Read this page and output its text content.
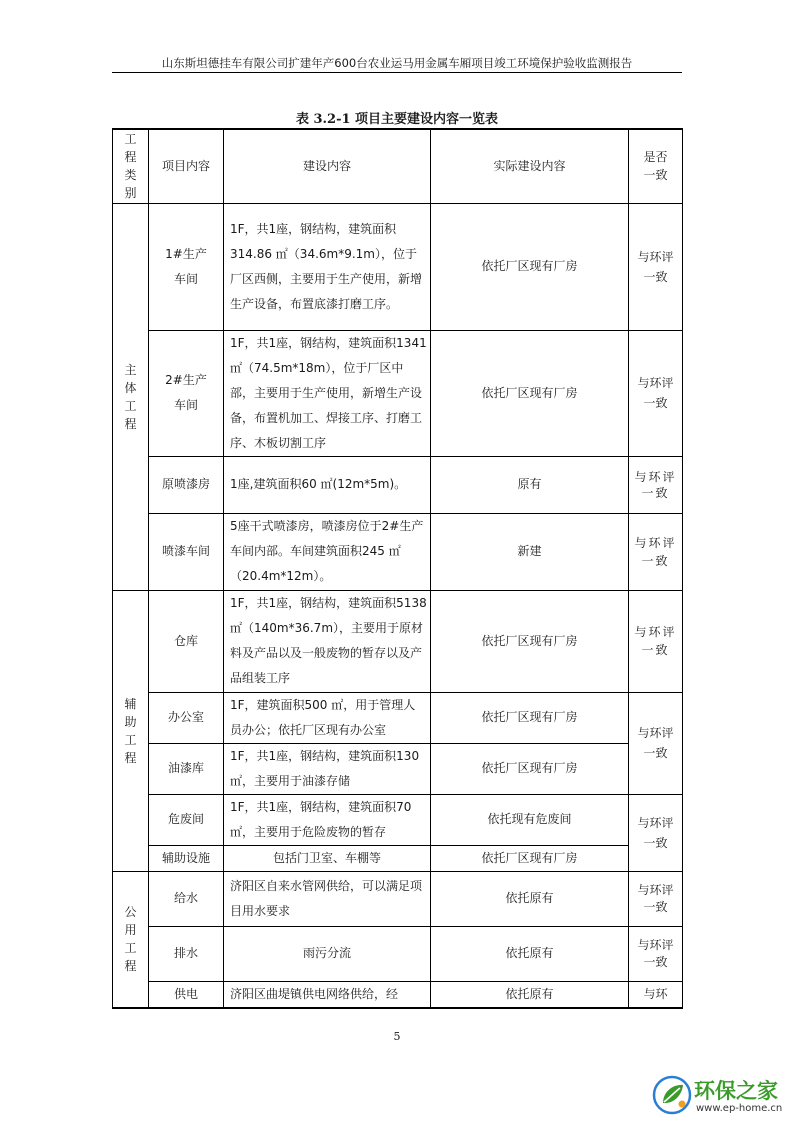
山东斯坦德挂车有限公司扩建年产600台农业运马用金属车厢项目竣工环境保护验收监测报告
表 3.2-1 项目主要建设内容一览表
工程类别	项目内容	建设内容	实际建设内容	是否一致

主体工程	1#生产车间	1F，共1座，钢结构，建筑面积314.86 ㎡（34.6m*9.1m），位于厂区西侧，主要用于生产使用，新增生产设备，布置底漆打磨工序。	依托厂区现有厂房	与环评一致

	2#生产车间	1F，共1座，钢结构，建筑面积1341 ㎡（74.5m*18m），位于厂区中部，主要用于生产使用，新增生产设备，布置机加工、焊接工序、打磨工序、木板切割工序	依托厂区现有厂房	与环评一致

	原喷漆房	1座,建筑面积60 ㎡(12m*5m)。	原有	与环评一致

	喷漆车间	5座干式喷漆房，喷漆房位于2#生产车间内部。车间建筑面积245 ㎡（20.4m*12m）。	新建	与环评一致

辅助工程	仓库	1F，共1座，钢结构，建筑面积5138 ㎡（140m*36.7m），主要用于原材料及产品以及一般废物的暂存以及产品组装工序	依托厂区现有厂房	与环评一致

	办公室	1F，建筑面积500 ㎡，用于管理人员办公；依托厂区现有办公室	依托厂区现有厂房	与环评一致

	油漆库	1F，共1座，钢结构，建筑面积130 ㎡，主要用于油漆存储	依托厂区现有厂房	
	危废间	1F，共1座，钢结构，建筑面积70 ㎡，主要用于危险废物的暂存	依托现有危废间	与环评一致

	辅助设施	包括门卫室、车棚等	依托厂区现有厂房	

公用工程	给水	济阳区自来水管网供给，可以满足项目用水要求	依托原有	与环评一致

	排水	雨污分流	依托原有	与环评一致

	供电	济阳区曲堤镇供电网络供给，经	依托原有	与环
5
环保之家
www.ep-home.cn
